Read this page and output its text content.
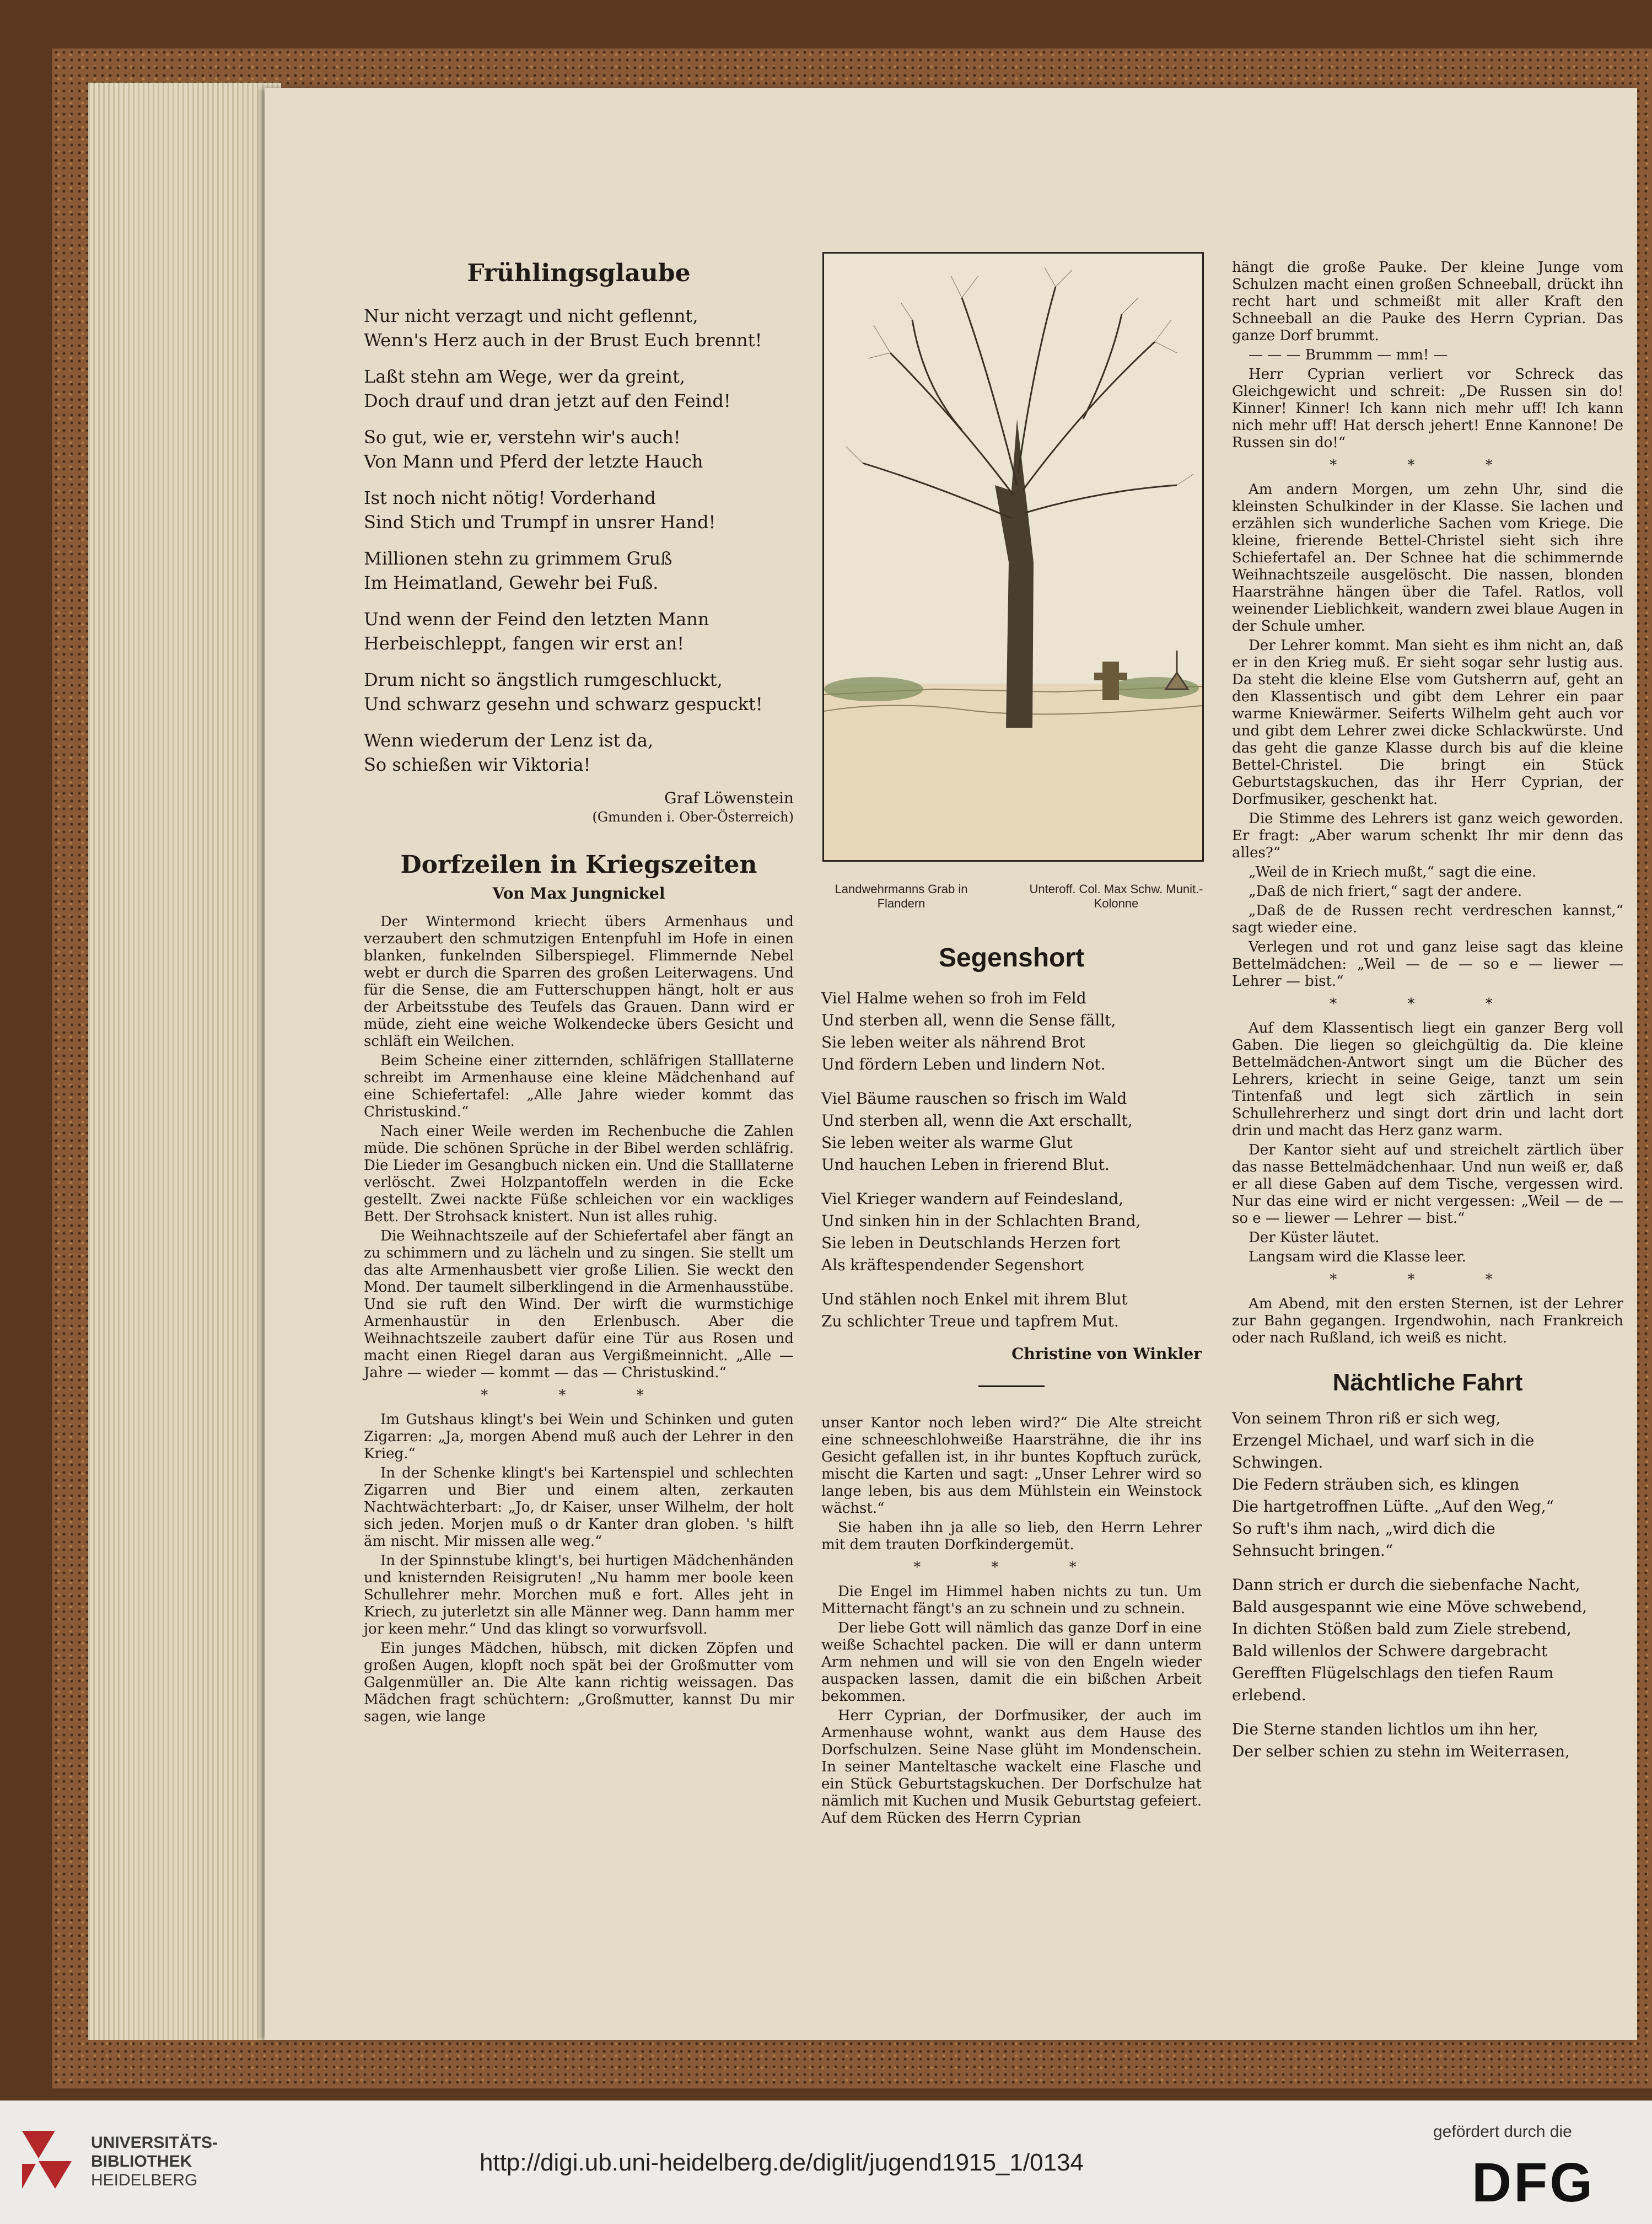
Frühlingsglaube
Nur nicht verzagt und nicht geflennt,
Wenn's Herz auch in der Brust Euch brennt!
Laßt stehn am Wege, wer da greint,
Doch drauf und dran jetzt auf den Feind!
So gut, wie er, verstehn wir's auch!
Von Mann und Pferd der letzte Hauch
Ist noch nicht nötig! Vorderhand
Sind Stich und Trumpf in unsrer Hand!
Millionen stehn zu grimmem Gruß
Im Heimatland, Gewehr bei Fuß.
Und wenn der Feind den letzten Mann
Herbeischleppt, fangen wir erst an!
Drum nicht so ängstlich rumgeschluckt,
Und schwarz gesehn und schwarz gespuckt!
Wenn wiederum der Lenz ist da,
So schießen wir Viktoria!
Graf Löwenstein
(Gmunden i. Ober-Österreich)
Dorfzeilen in Kriegszeiten
Von Max Jungnickel

Der Wintermond kriecht übers Armenhaus und verzaubert den schmutzigen Entenpfuhl im Hofe in einen blanken, funkelnden Silberspiegel. Flimmernde Nebel webt er durch die Sparren des großen Leiterwagens. Und für die Sense, die am Futterschuppen hängt, holt er aus der Arbeitsstube des Teufels das Grauen. Dann wird er müde, zieht eine weiche Wolkendecke übers Gesicht und schläft ein Weilchen.

Beim Scheine einer zitternden, schläfrigen Stalllaterne schreibt im Armenhause eine kleine Mädchenhand auf eine Schiefertafel: „Alle Jahre wieder kommt das Christuskind.“

Nach einer Weile werden im Rechenbuche die Zahlen müde. Die schönen Sprüche in der Bibel werden schläfrig. Die Lieder im Gesangbuch nicken ein. Und die Stalllaterne verlöscht. Zwei Holzpantoffeln werden in die Ecke gestellt. Zwei nackte Füße schleichen vor ein wackliges Bett. Der Strohsack knistert. Nun ist alles ruhig.

Die Weihnachtszeile auf der Schiefertafel aber fängt an zu schimmern und zu lächeln und zu singen. Sie stellt um das alte Armenhausbett vier große Lilien. Sie weckt den Mond. Der taumelt silberklingend in die Armenhausstübe. Und sie ruft den Wind. Der wirft die wurmstichige Armenhaustür in den Erlenbusch. Aber die Weihnachtszeile zaubert dafür eine Tür aus Rosen und macht einen Riegel daran aus Vergißmeinnicht. „Alle — Jahre — wieder — kommt — das — Christuskind.“

* * *

Im Gutshaus klingt's bei Wein und Schinken und guten Zigarren: „Ja, morgen Abend muß auch der Lehrer in den Krieg.“

In der Schenke klingt's bei Kartenspiel und schlechten Zigarren und Bier und einem alten, zerkauten Nachtwächterbart: „Jo, dr Kaiser, unser Wilhelm, der holt sich jeden. Morjen muß o dr Kanter dran globen. 's hilft äm nischt. Mir missen alle weg.“

In der Spinnstube klingt's, bei hurtigen Mädchenhänden und knisternden Reisigruten! „Nu hamm mer boole keen Schullehrer mehr. Morchen muß e fort. Alles jeht in Kriech, zu juterletzt sin alle Männer weg. Dann hamm mer jor keen mehr.“ Und das klingt so vorwurfsvoll.

Ein junges Mädchen, hübsch, mit dicken Zöpfen und großen Augen, klopft noch spät bei der Großmutter vom Galgenmüller an. Die Alte kann richtig weissagen. Das Mädchen fragt schüchtern: „Großmutter, kannst Du mir sagen, wie lange

Landwehrmanns Grab in Flandern
Unteroff. Col. Max Schw. Munit.-Kolonne
Segenshort
Viel Halme wehen so froh im Feld
Und sterben all, wenn die Sense fällt,
Sie leben weiter als nährend Brot
Und fördern Leben und lindern Not.
Viel Bäume rauschen so frisch im Wald
Und sterben all, wenn die Axt erschallt,
Sie leben weiter als warme Glut
Und hauchen Leben in frierend Blut.
Viel Krieger wandern auf Feindesland,
Und sinken hin in der Schlachten Brand,
Sie leben in Deutschlands Herzen fort
Als kräftespendender Segenshort
Und stählen noch Enkel mit ihrem Blut
Zu schlichter Treue und tapfrem Mut.
Christine von Winkler

unser Kantor noch leben wird?“ Die Alte streicht eine schneeschlohweiße Haarsträhne, die ihr ins Gesicht gefallen ist, in ihr buntes Kopftuch zurück, mischt die Karten und sagt: „Unser Lehrer wird so lange leben, bis aus dem Mühlstein ein Weinstock wächst.“

Sie haben ihn ja alle so lieb, den Herrn Lehrer mit dem trauten Dorfkindergemüt.

* * *

Die Engel im Himmel haben nichts zu tun. Um Mitternacht fängt's an zu schnein und zu schnein.

Der liebe Gott will nämlich das ganze Dorf in eine weiße Schachtel packen. Die will er dann unterm Arm nehmen und will sie von den Engeln wieder auspacken lassen, damit die ein bißchen Arbeit bekommen.

Herr Cyprian, der Dorfmusiker, der auch im Armenhause wohnt, wankt aus dem Hause des Dorfschulzen. Seine Nase glüht im Mondenschein. In seiner Manteltasche wackelt eine Flasche und ein Stück Geburtstagskuchen. Der Dorfschulze hat nämlich mit Kuchen und Musik Geburtstag gefeiert. Auf dem Rücken des Herrn Cyprian

hängt die große Pauke. Der kleine Junge vom Schulzen macht einen großen Schneeball, drückt ihn recht hart und schmeißt mit aller Kraft den Schneeball an die Pauke des Herrn Cyprian. Das ganze Dorf brummt.

— — — Brummm — mm! —

Herr Cyprian verliert vor Schreck das Gleichgewicht und schreit: „De Russen sin do! Kinner! Kinner! Ich kann nich mehr uff! Ich kann nich mehr uff! Hat dersch jehert! Enne Kannone! De Russen sin do!“

* * *

Am andern Morgen, um zehn Uhr, sind die kleinsten Schulkinder in der Klasse. Sie lachen und erzählen sich wunderliche Sachen vom Kriege. Die kleine, frierende Bettel-Christel sieht sich ihre Schiefertafel an. Der Schnee hat die schimmernde Weihnachtszeile ausgelöscht. Die nassen, blonden Haarsträhne hängen über die Tafel. Ratlos, voll weinender Lieblichkeit, wandern zwei blaue Augen in der Schule umher.

Der Lehrer kommt. Man sieht es ihm nicht an, daß er in den Krieg muß. Er sieht sogar sehr lustig aus. Da steht die kleine Else vom Gutsherrn auf, geht an den Klassentisch und gibt dem Lehrer ein paar warme Kniewärmer. Seiferts Wilhelm geht auch vor und gibt dem Lehrer zwei dicke Schlackwürste. Und das geht die ganze Klasse durch bis auf die kleine Bettel-Christel. Die bringt ein Stück Geburtstagskuchen, das ihr Herr Cyprian, der Dorfmusiker, geschenkt hat.

Die Stimme des Lehrers ist ganz weich geworden. Er fragt: „Aber warum schenkt Ihr mir denn das alles?“

„Weil de in Kriech mußt,“ sagt die eine.

„Daß de nich friert,“ sagt der andere.

„Daß de de Russen recht verdreschen kannst,“ sagt wieder eine.

Verlegen und rot und ganz leise sagt das kleine Bettelmädchen: „Weil — de — so e — liewer — Lehrer — bist.“

* * *

Auf dem Klassentisch liegt ein ganzer Berg voll Gaben. Die liegen so gleichgültig da. Die kleine Bettelmädchen-Antwort singt um die Bücher des Lehrers, kriecht in seine Geige, tanzt um sein Tintenfaß und legt sich zärtlich in sein Schullehrerherz und singt dort drin und lacht dort drin und macht das Herz ganz warm.

Der Kantor sieht auf und streichelt zärtlich über das nasse Bettelmädchenhaar. Und nun weiß er, daß er all diese Gaben auf dem Tische, vergessen wird. Nur das eine wird er nicht vergessen: „Weil — de — so e — liewer — Lehrer — bist.“

Der Küster läutet.

Langsam wird die Klasse leer.

* * *

Am Abend, mit den ersten Sternen, ist der Lehrer zur Bahn gegangen. Irgendwohin, nach Frankreich oder nach Rußland, ich weiß es nicht.

Nächtliche Fahrt
Von seinem Thron riß er sich weg,
Erzengel Michael, und warf sich in die
Schwingen.
Die Federn sträuben sich, es klingen
Die hartgetroffnen Lüfte. „Auf den Weg,“
So ruft's ihm nach, „wird dich die
Sehnsucht bringen.“
Dann strich er durch die siebenfache Nacht,
Bald ausgespannt wie eine Möve schwebend,
In dichten Stößen bald zum Ziele strebend,
Bald willenlos der Schwere dargebracht
Gerefften Flügelschlags den tiefen Raum erlebend.
Die Sterne standen lichtlos um ihn her,
Der selber schien zu stehn im Weiterrasen,
UNIVERSITÄTS-
BIBLIOTHEK
HEIDELBERG
http://digi.ub.uni-heidelberg.de/diglit/jugend1915_1/0134
gefördert durch die
DFG
